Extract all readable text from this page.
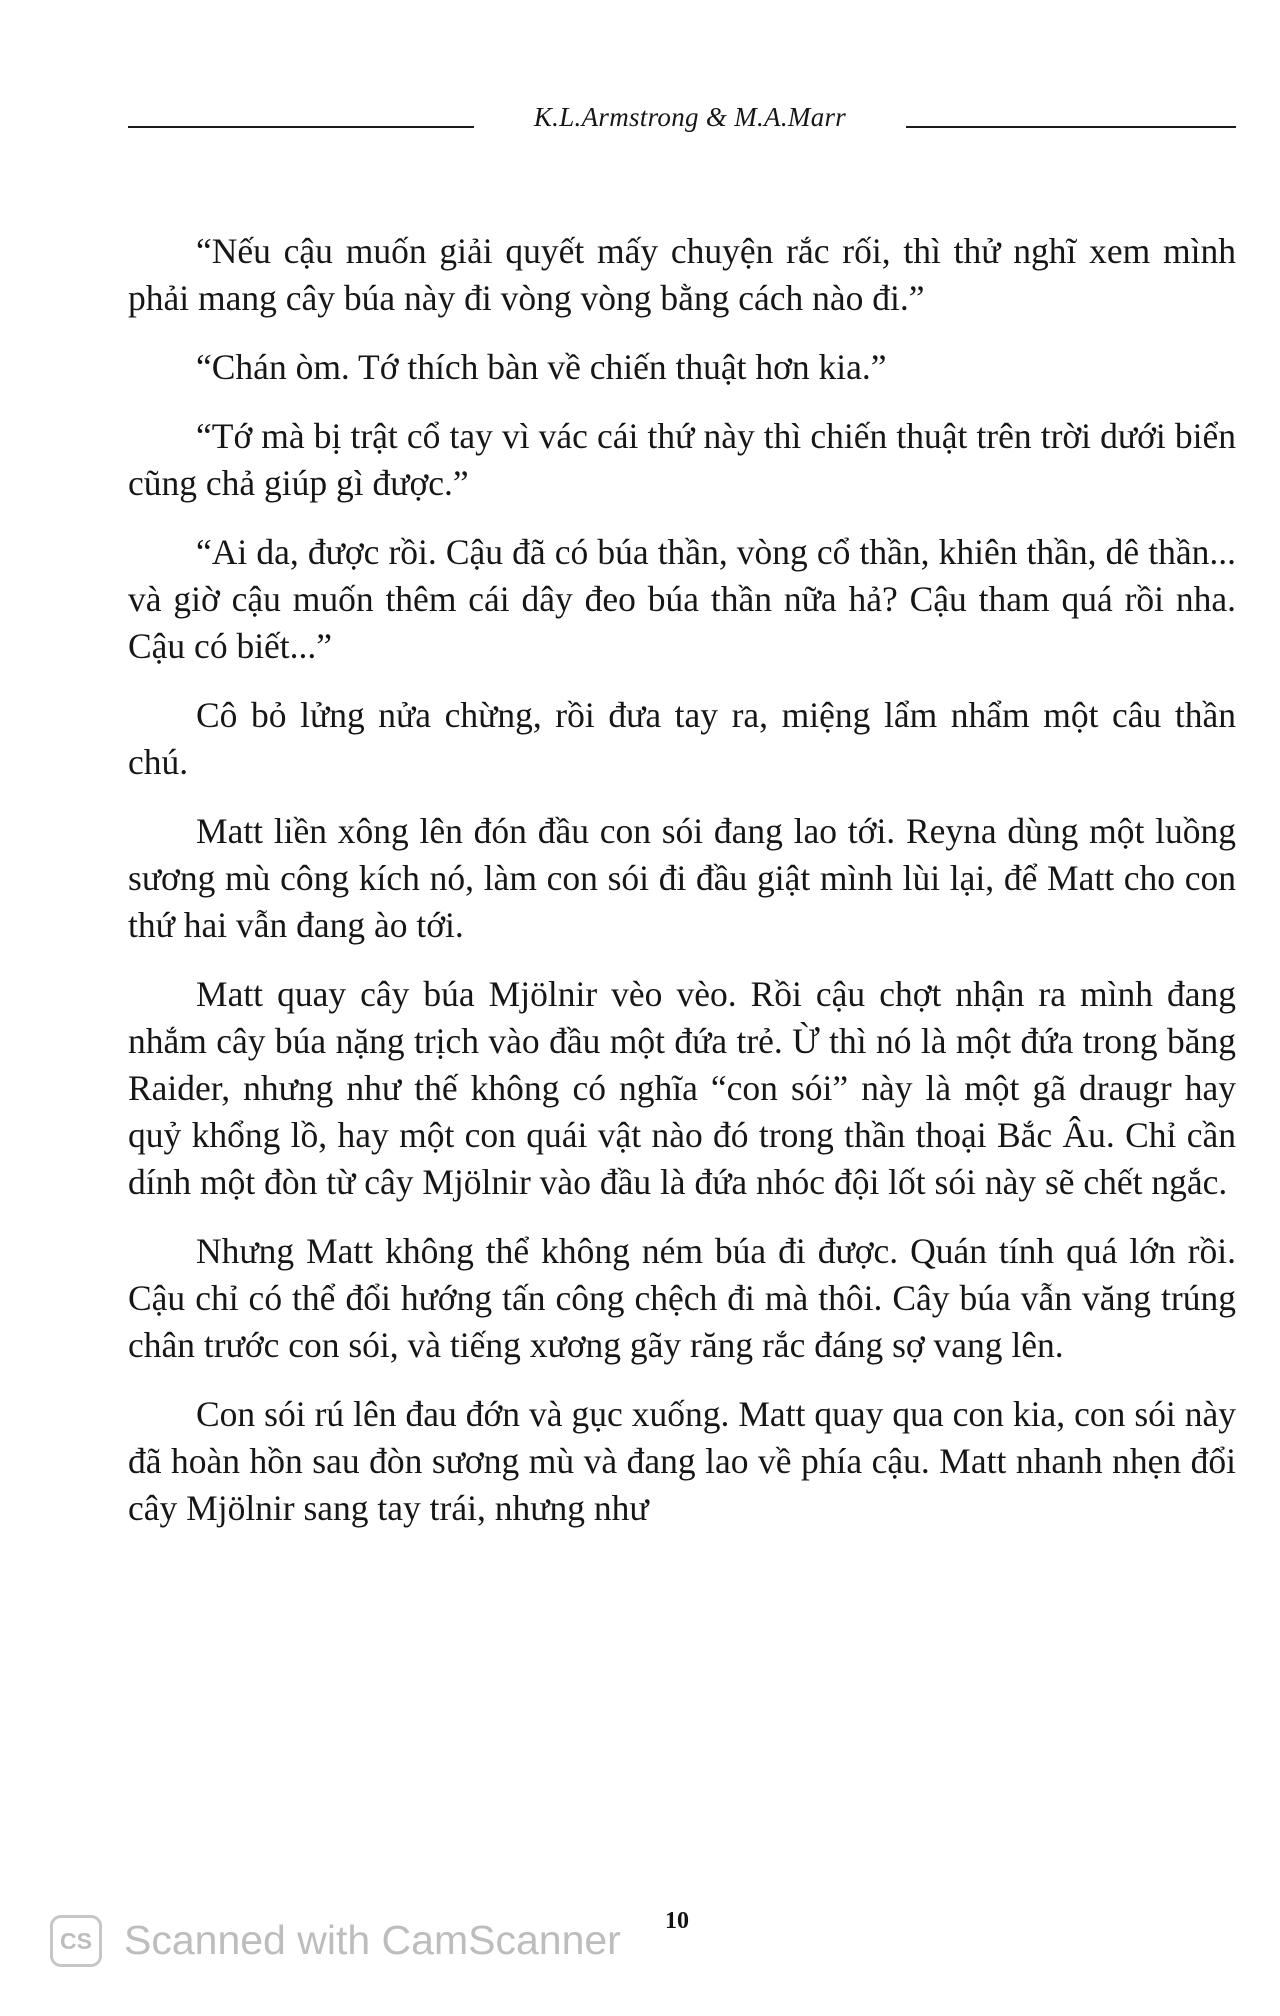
K.L.Armstrong & M.A.Marr

“Nếu cậu muốn giải quyết mấy chuyện rắc rối, thì thử nghĩ xem mình phải mang cây búa này đi vòng vòng bằng cách nào đi.”

“Chán òm. Tớ thích bàn về chiến thuật hơn kia.”

“Tớ mà bị trật cổ tay vì vác cái thứ này thì chiến thuật trên trời dưới biển cũng chả giúp gì được.”

“Ai da, được rồi. Cậu đã có búa thần, vòng cổ thần, khiên thần, dê thần... và giờ cậu muốn thêm cái dây đeo búa thần nữa hả? Cậu tham quá rồi nha. Cậu có biết...”

Cô bỏ lửng nửa chừng, rồi đưa tay ra, miệng lẩm nhẩm một câu thần chú.

Matt liền xông lên đón đầu con sói đang lao tới. Reyna dùng một luồng sương mù công kích nó, làm con sói đi đầu giật mình lùi lại, để Matt cho con thứ hai vẫn đang ào tới.

Matt quay cây búa Mjölnir vèo vèo. Rồi cậu chợt nhận ra mình đang nhắm cây búa nặng trịch vào đầu một đứa trẻ. Ừ thì nó là một đứa trong băng Raider, nhưng như thế không có nghĩa “con sói” này là một gã draugr hay quỷ khổng lồ, hay một con quái vật nào đó trong thần thoại Bắc Âu. Chỉ cần dính một đòn từ cây Mjölnir vào đầu là đứa nhóc đội lốt sói này sẽ chết ngắc.

Nhưng Matt không thể không ném búa đi được. Quán tính quá lớn rồi. Cậu chỉ có thể đổi hướng tấn công chệch đi mà thôi. Cây búa vẫn văng trúng chân trước con sói, và tiếng xương gãy răng rắc đáng sợ vang lên.

Con sói rú lên đau đớn và gục xuống. Matt quay qua con kia, con sói này đã hoàn hồn sau đòn sương mù và đang lao về phía cậu. Matt nhanh nhẹn đổi cây Mjölnir sang tay trái, nhưng như

CS Scanned with CamScanner 10
